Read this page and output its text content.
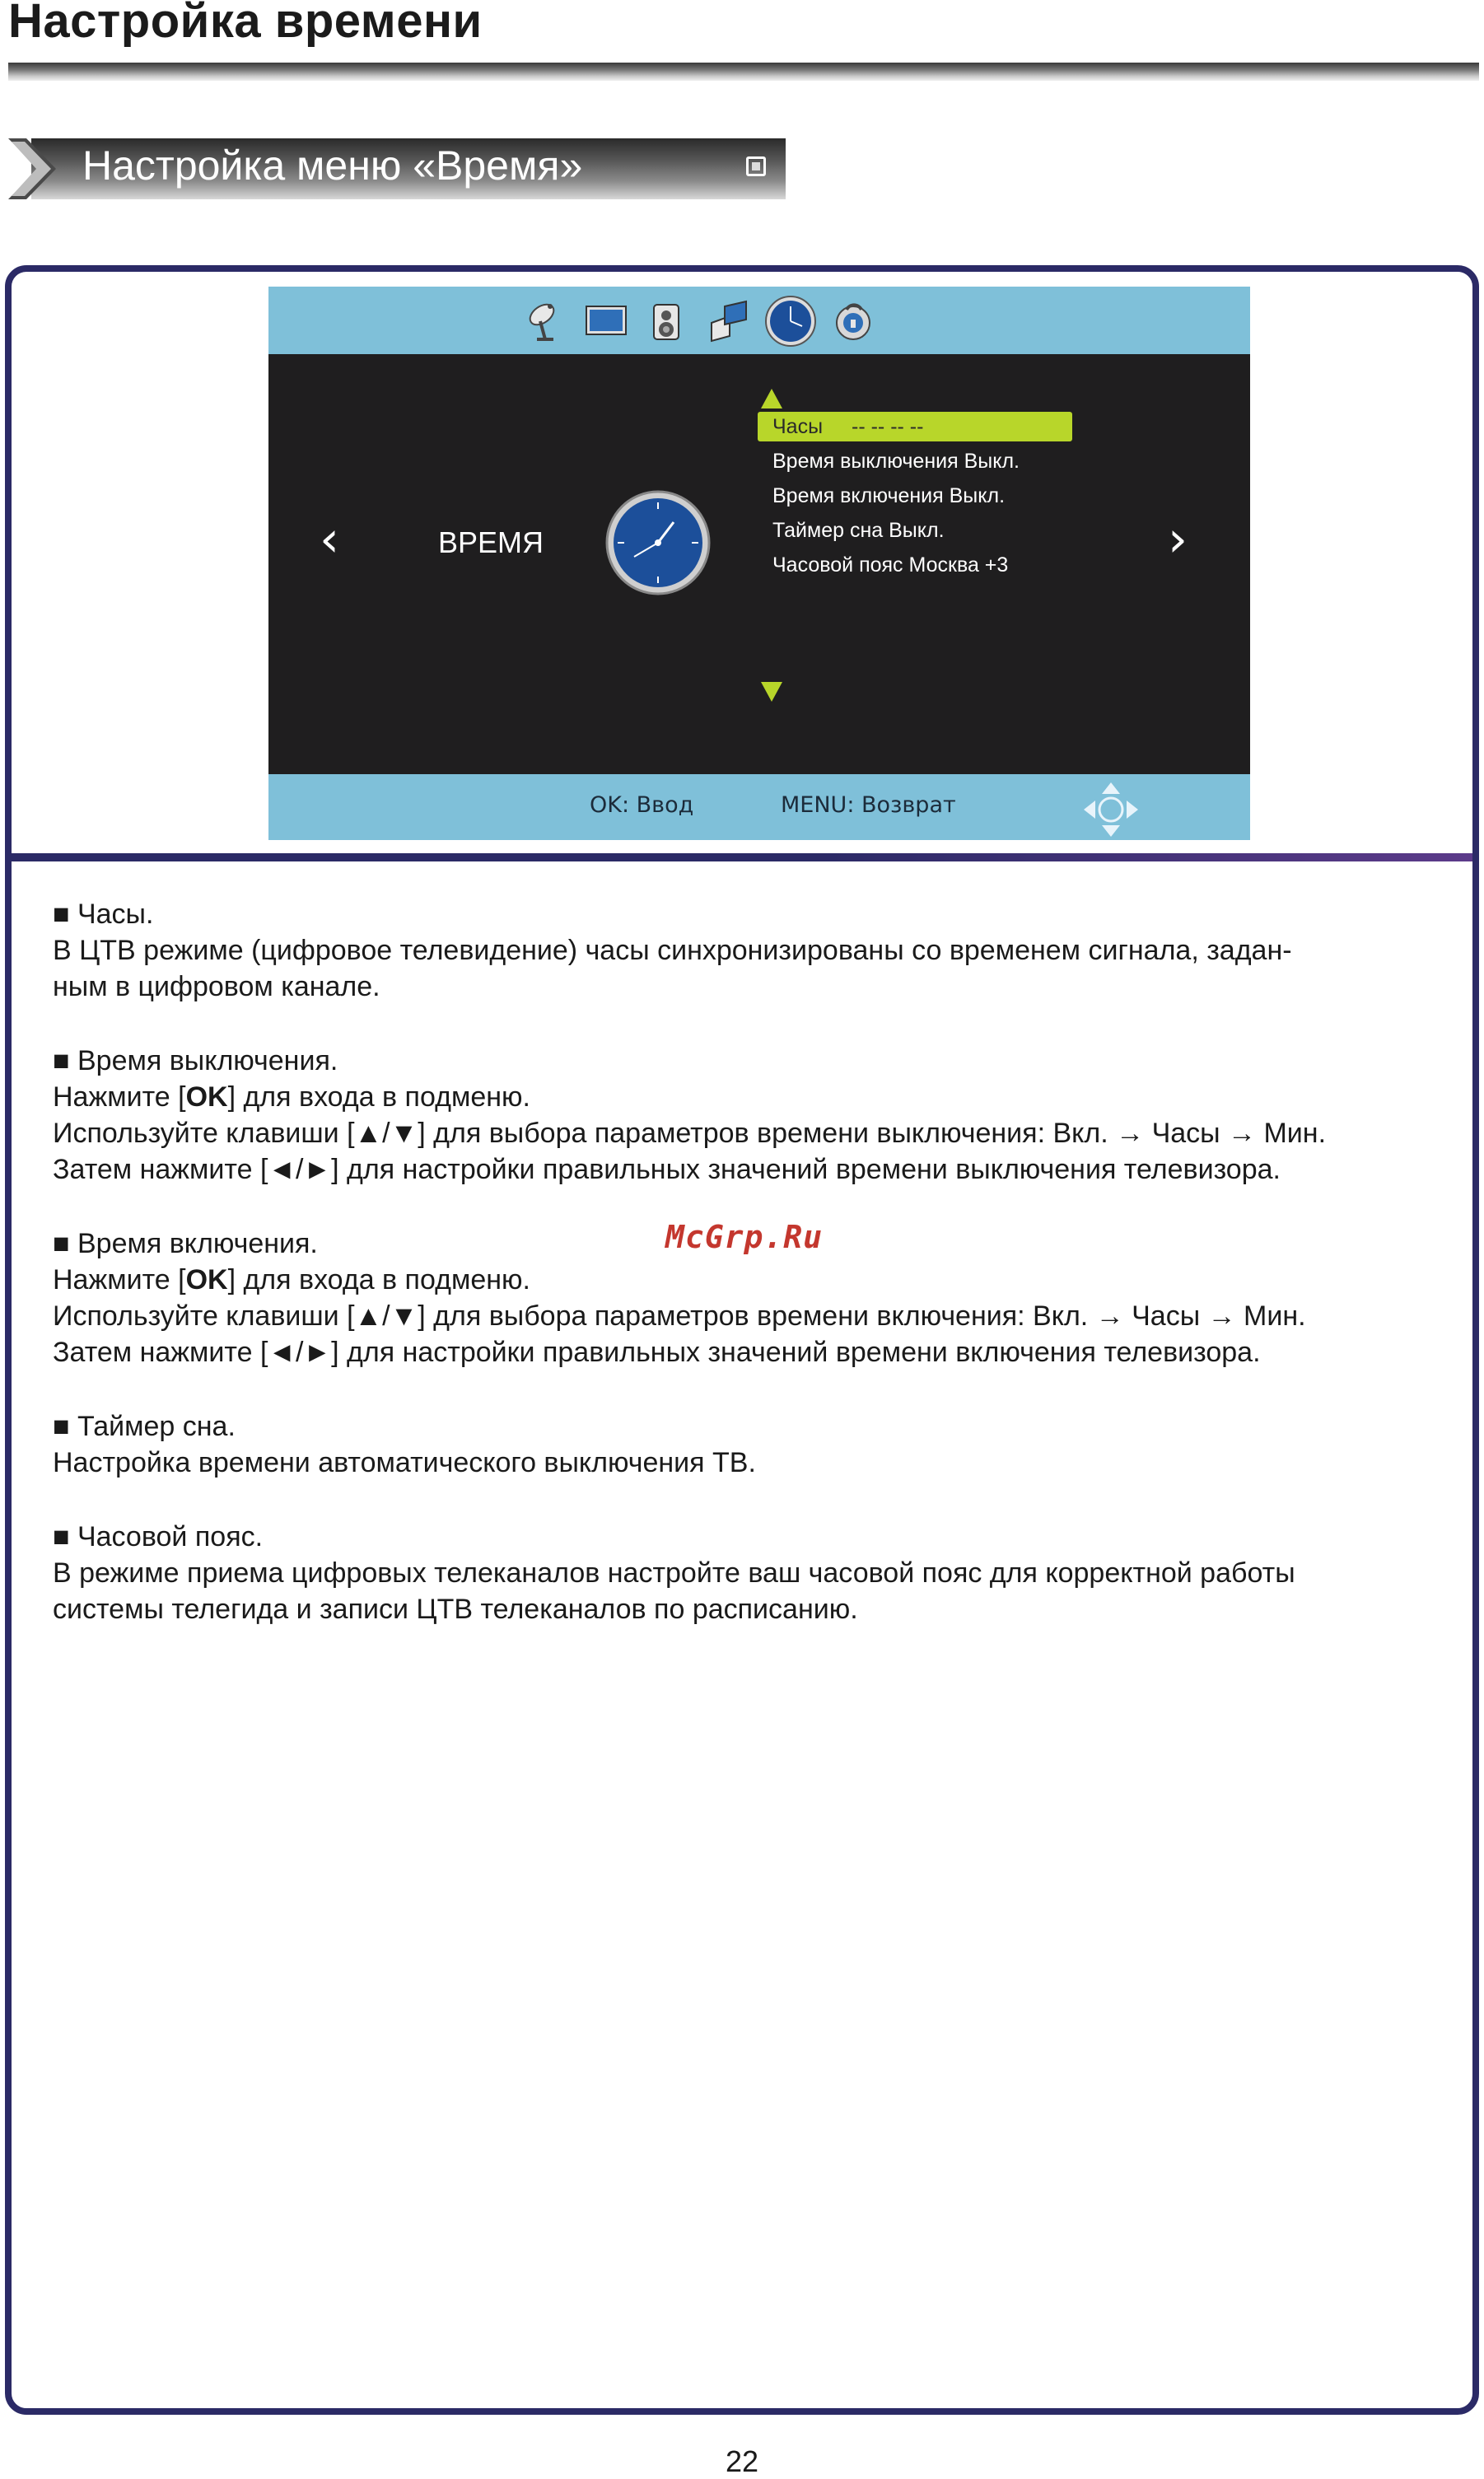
Настройка времени
Настройка меню «Время»
‹	›
ВРЕМЯ
Часы -- -- -- --
Время выключения Выкл.
Время включения Выкл.
Таймер сна Выкл.
Часовой пояс Москва +3
OK: Ввод	MENU: Возврат
■ Часы.
В ЦТВ режиме (цифровое телевидение) часы синхронизированы со временем сигнала, задан-
ным в цифровом канале.
■ Время выключения.
Нажмите [OK] для входа в подменю.
Используйте клавиши [▲/▼] для выбора параметров времени выключения: Вкл. → Часы → Мин.
Затем нажмите [◄/►] для настройки правильных значений времени выключения телевизора.
■ Время включения.
Нажмите [OK] для входа в подменю.
Используйте клавиши [▲/▼] для выбора параметров времени включения: Вкл. → Часы → Мин.
Затем нажмите [◄/►] для настройки правильных значений времени включения телевизора.
■ Таймер сна.
Настройка времени автоматического выключения ТВ.
■ Часовой пояс.
В режиме приема цифровых телеканалов настройте ваш часовой пояс для корректной работы
системы телегида и записи ЦТВ телеканалов по расписанию.
McGrp.Ru
22
